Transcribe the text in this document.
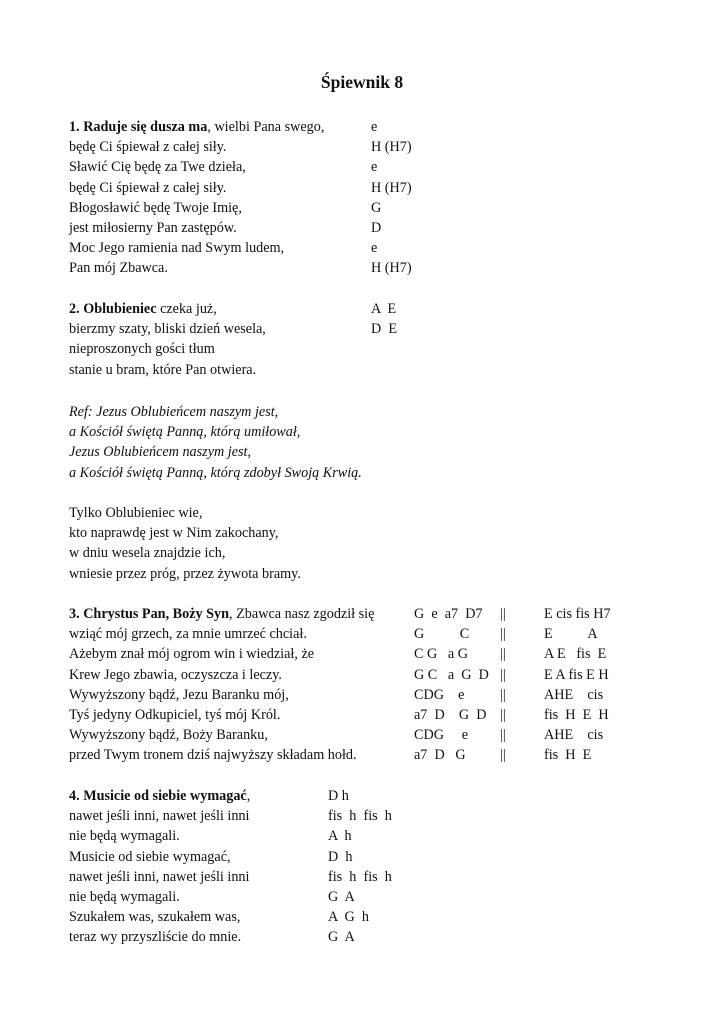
Śpiewnik 8
1. Raduje się dusza ma, wielbi Pana swego,	e
będę Ci śpiewał z całej siły.	H (H7)
Sławić Cię będę za Twe dzieła,	e
będę Ci śpiewał z całej siły.	H (H7)
Błogosławić będę Twoje Imię,	G
jest miłosierny Pan zastępów.	D
Moc Jego ramienia nad Swym ludem,	e
Pan mój Zbawca.	H (H7)
2. Oblubieniec czeka już,	A  E
bierzmy szaty, bliski dzień wesela,	D  E
nieproszonych gości tłum
stanie u bram, które Pan otwiera.
Ref: Jezus Oblubieńcem naszym jest,
a Kościół świętą Panną, którą umiłował,
Jezus Oblubieńcem naszym jest,
a Kościół świętą Panną, którą zdobył Swoją Krwią.
Tylko Oblubieniec wie,
kto naprawdę jest w Nim zakochany,
w dniu wesela znajdzie ich,
wniesie przez próg, przez żywota bramy.
3. Chrystus Pan, Boży Syn, Zbawca nasz zgodził się	G  e  a7  D7 ||	E cis fis H7
wziąć mój grzech, za mnie umrzeć chciał.	G          C ||	E          A
Ażebym znał mój ogrom win i wiedział, że	C G   a G ||	A E   fis  E
Krew Jego zbawia, oczyszcza i leczy.	G C   a  G  D ||	E A fis E H
Wywyższony bądź, Jezu Baranku mój,	CDG    e	||	AHE    cis
Tyś jedyny Odkupiciel, tyś mój Król.	a7  D    G  D ||	fis  H  E  H
Wywyższony bądź, Boży Baranku,	CDG     e ||	AHE    cis
przed Twym tronem dziś najwyższy składam hołd.	a7  D   G ||	fis  H  E
4. Musicie od siebie wymagać,	D h
nawet jeśli inni, nawet jeśli inni	fis  h  fis  h
nie będą wymagali.	A  h
Musicie od siebie wymagać,	D  h
nawet jeśli inni, nawet jeśli inni	fis  h  fis  h
nie będą wymagali.	G  A
Szukałem was, szukałem was,	A  G  h
teraz wy przyszliście do mnie.	G  A
